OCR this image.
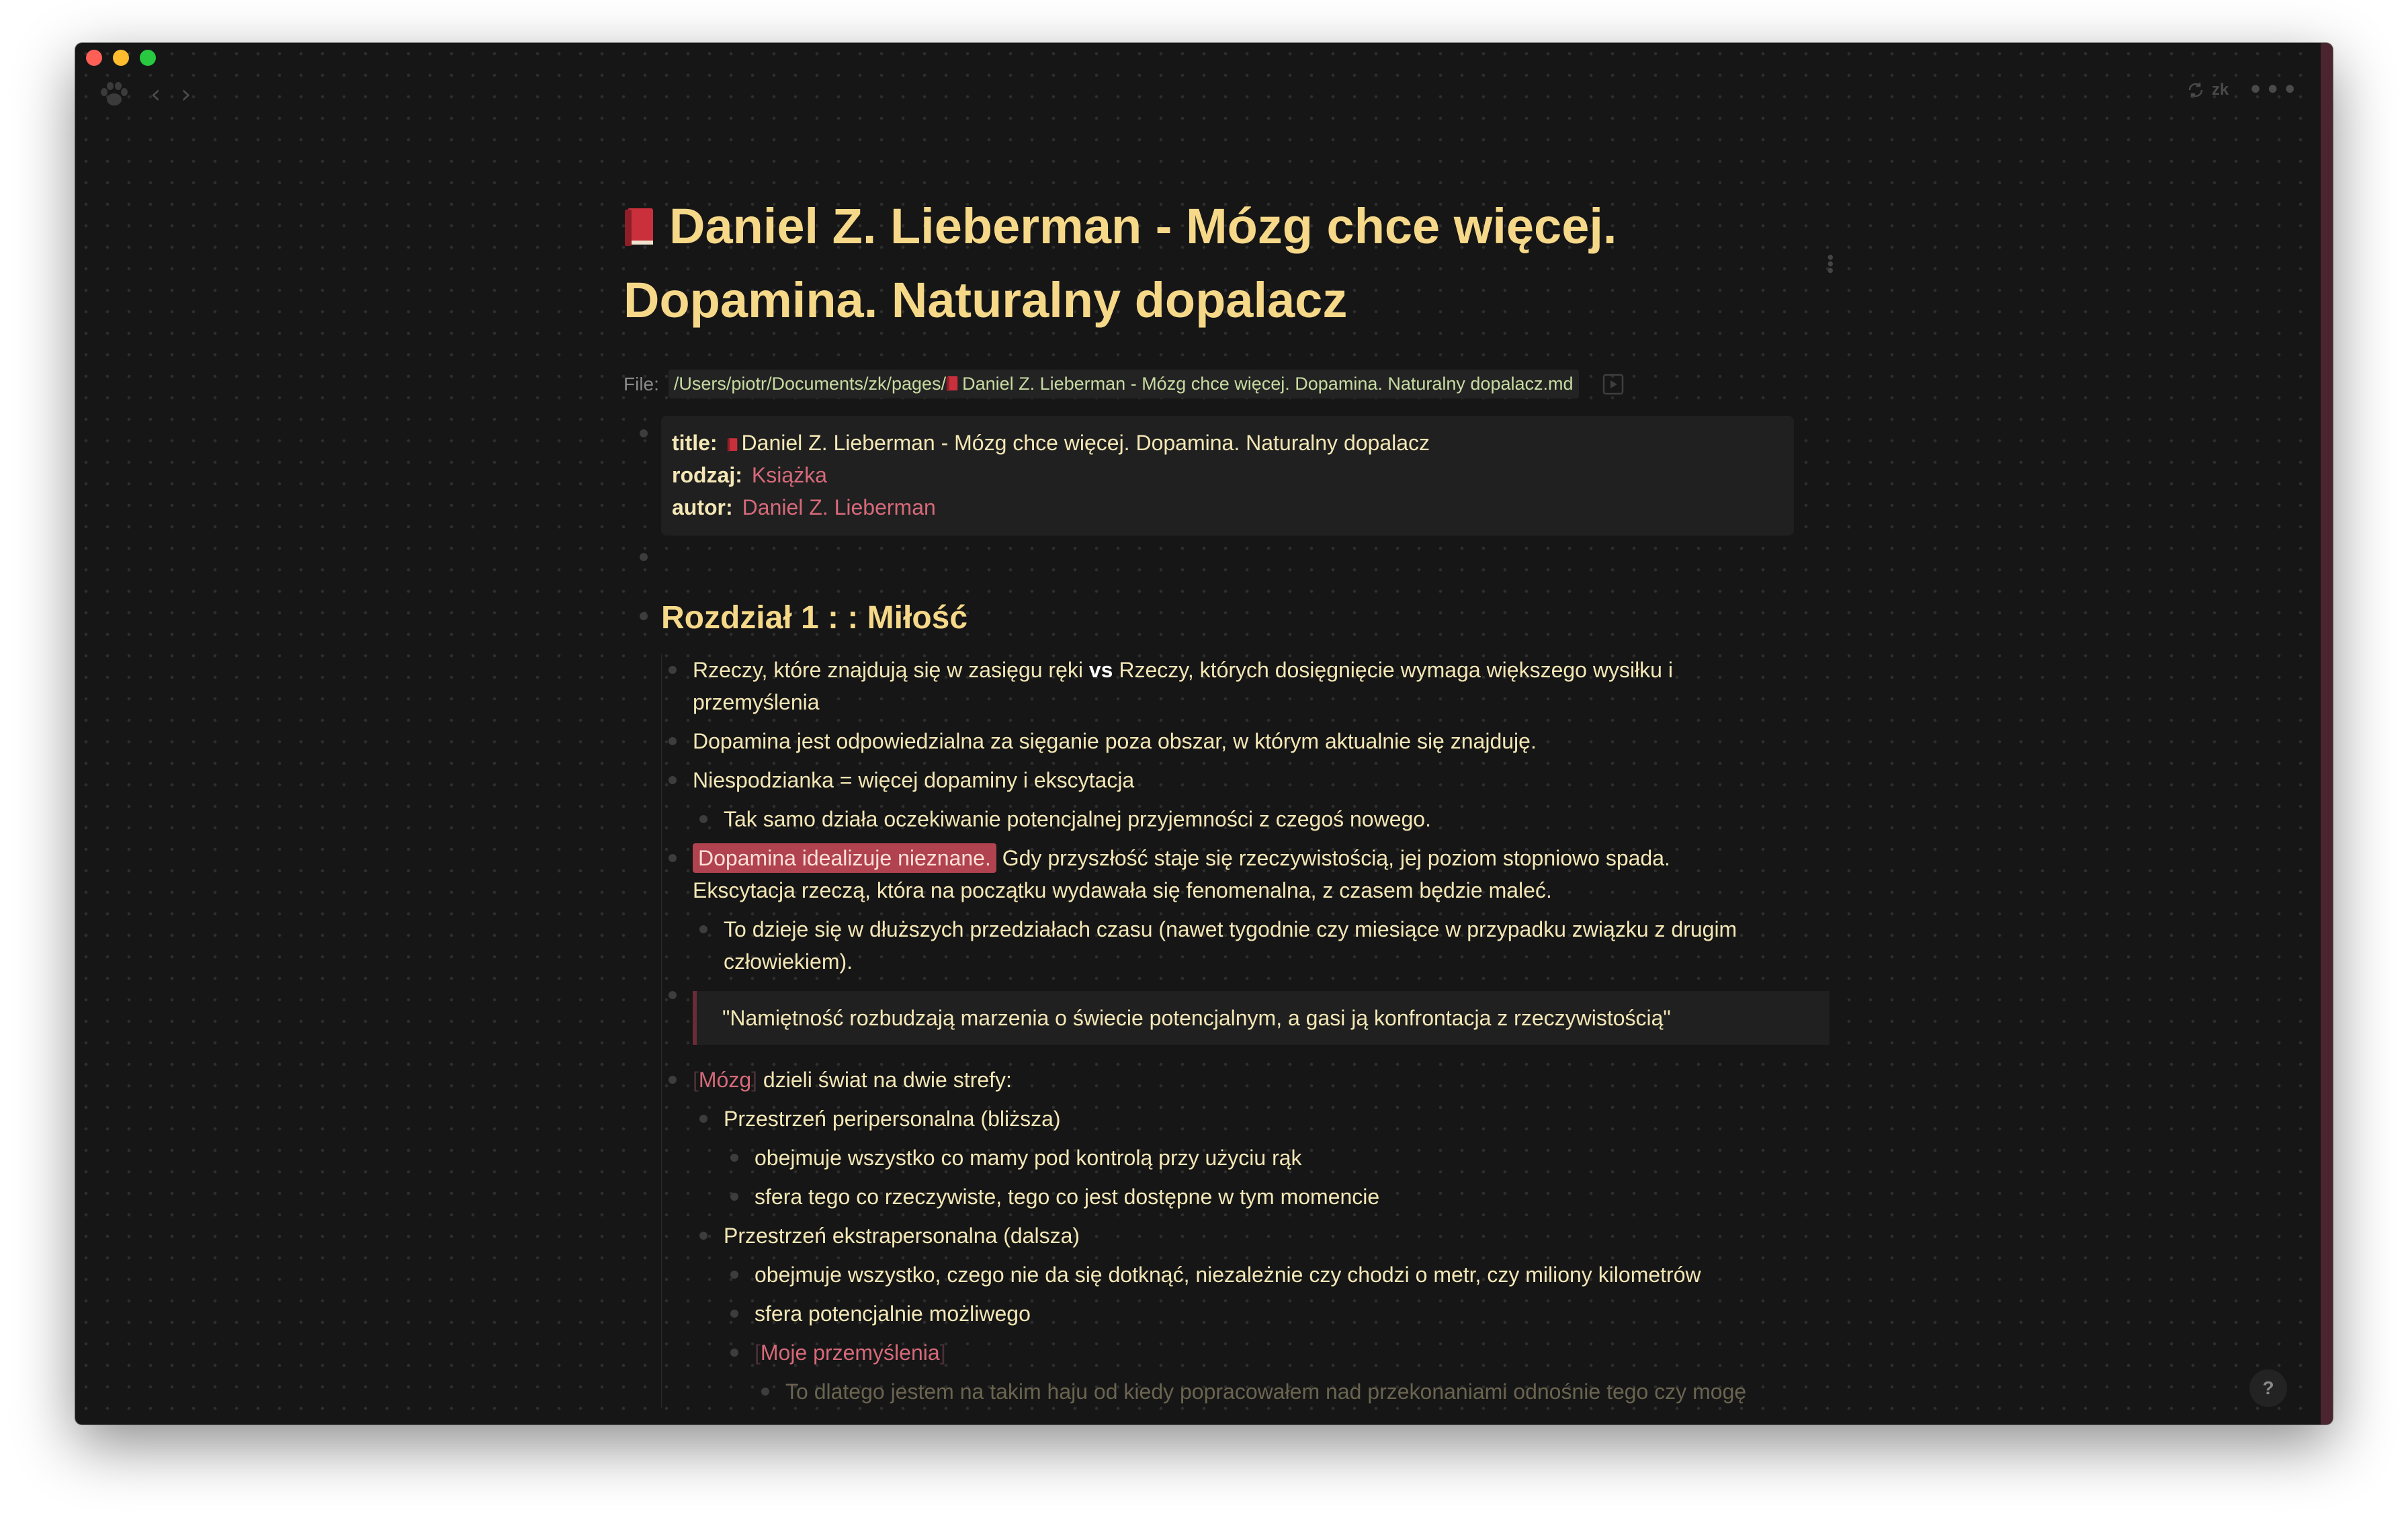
‹ ›	zk •••
Daniel Z. Lieberman - Mózg chce więcej. Dopamina. Naturalny dopalacz
•••
File: /Users/piotr/Documents/zk/pages/ Daniel Z. Lieberman - Mózg chce więcej. Dopamina. Naturalny dopalacz.md
title: Daniel Z. Lieberman - Mózg chce więcej. Dopamina. Naturalny dopalacz
rodzaj: Książka
autor: Daniel Z. Lieberman
Rozdział 1 : : Miłość

Rzeczy, które znajdują się w zasięgu ręki vs Rzeczy, których dosięgnięcie wymaga większego wysiłku i przemyślenia

Dopamina jest odpowiedzialna za sięganie poza obszar, w którym aktualnie się znajduję.

Niespodzianka = więcej dopaminy i ekscytacja

Tak samo działa oczekiwanie potencjalnej przyjemności z czegoś nowego.

Dopamina idealizuje nieznane. Gdy przyszłość staje się rzeczywistością, jej poziom stopniowo spada. Ekscytacja rzeczą, która na początku wydawała się fenomenalna, z czasem będzie maleć.

To dzieje się w dłuższych przedziałach czasu (nawet tygodnie czy miesiące w przypadku związku z drugim człowiekiem).

"Namiętność rozbudzają marzenia o świecie potencjalnym, a gasi ją konfrontacja z rzeczywistością"

[Mózg] dzieli świat na dwie strefy:

Przestrzeń peripersonalna (bliższa)

obejmuje wszystko co mamy pod kontrolą przy użyciu rąk

sfera tego co rzeczywiste, tego co jest dostępne w tym momencie

Przestrzeń ekstrapersonalna (dalsza)

obejmuje wszystko, czego nie da się dotknąć, niezależnie czy chodzi o metr, czy miliony kilometrów

sfera potencjalnie możliwego

[Moje przemyślenia]

To dlatego jestem na takim haju od kiedy popracowałem nad przekonaniami odnośnie tego czy mogę	?
